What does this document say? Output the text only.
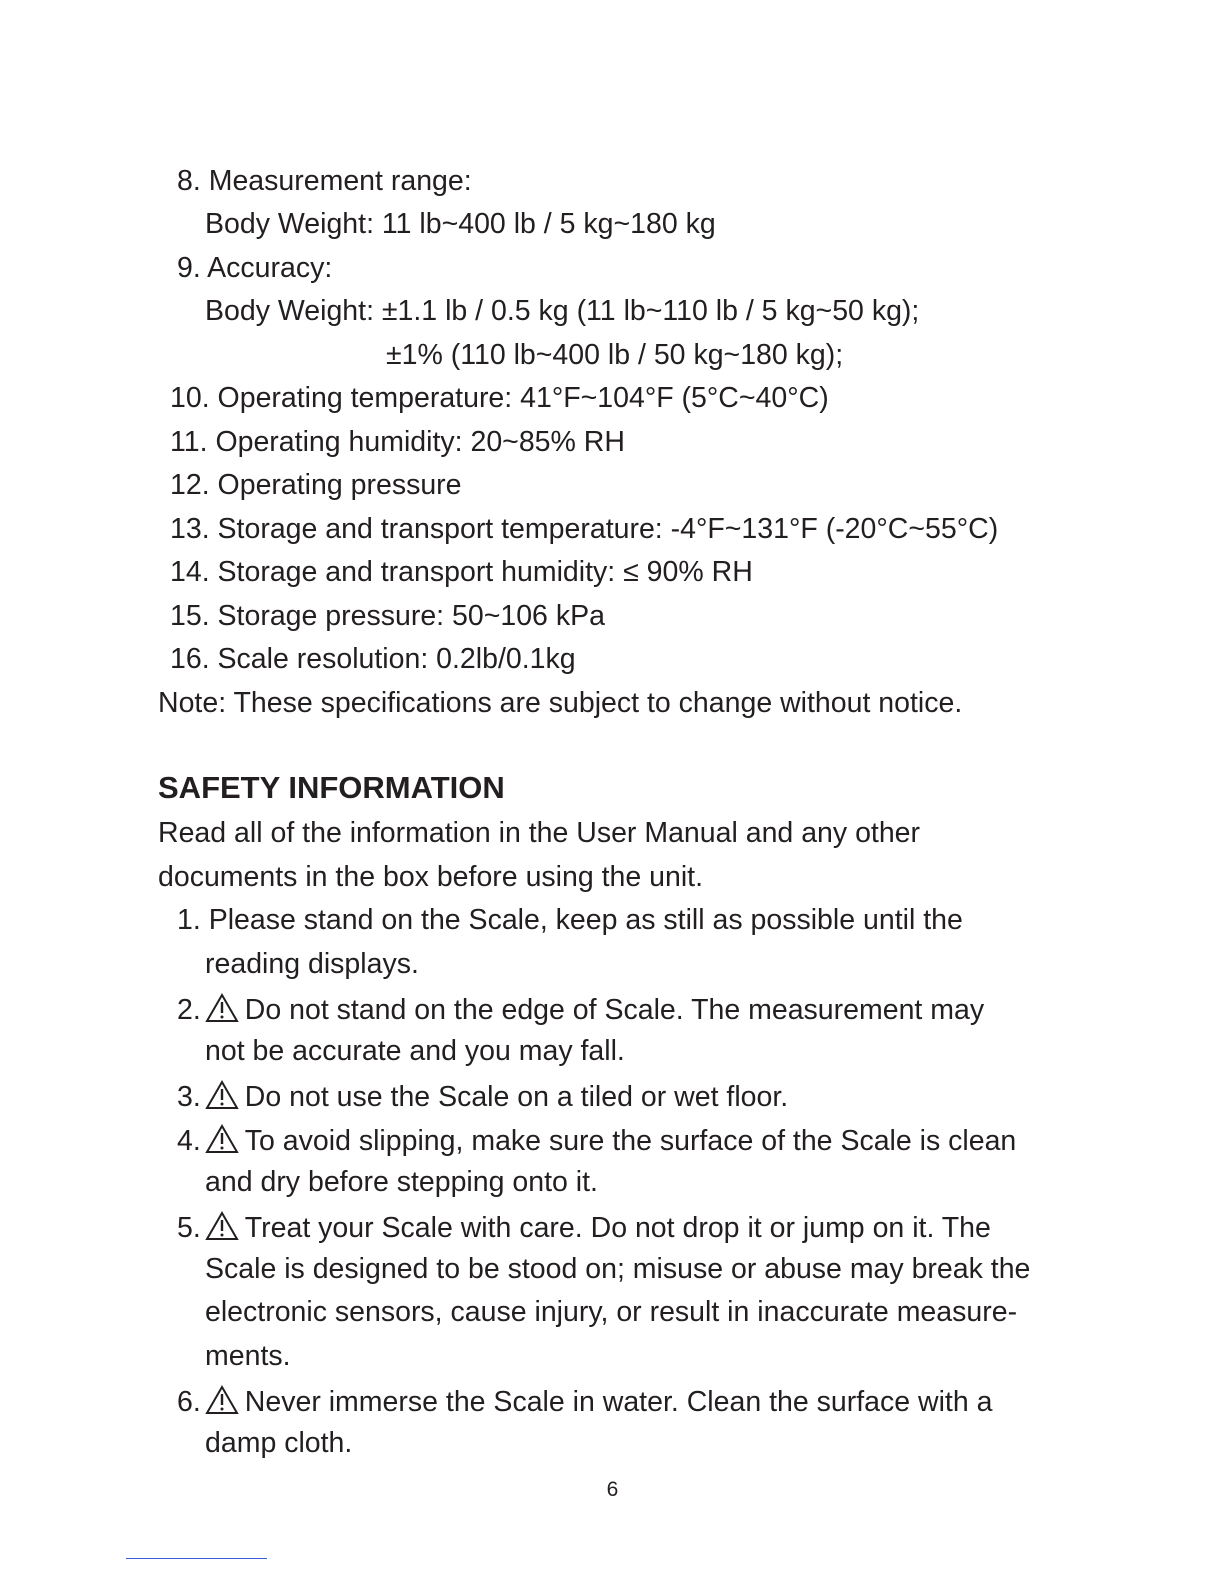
8. Measurement range:
Body Weight: 11 lb~400 lb / 5 kg~180 kg
9. Accuracy:
Body Weight: ±1.1 lb / 0.5 kg (11 lb~110 lb / 5 kg~50 kg);
±1% (110 lb~400 lb / 50 kg~180 kg);
10. Operating temperature: 41°F~104°F (5°C~40°C)
11. Operating humidity: 20~85% RH
12. Operating pressure
13. Storage and transport temperature: -4°F~131°F (-20°C~55°C)
14. Storage and transport humidity: ≤ 90% RH
15. Storage pressure: 50~106 kPa
16. Scale resolution: 0.2lb/0.1kg
Note: These specifications are subject to change without notice.
SAFETY INFORMATION
Read all of the information in the User Manual and any other
documents in the box before using the unit.
1. Please stand on the Scale, keep as still as possible until the
reading displays.
2. Do not stand on the edge of Scale. The measurement may
not be accurate and you may fall.
3. Do not use the Scale on a tiled or wet floor.
4. To avoid slipping, make sure the surface of the Scale is clean
and dry before stepping onto it.
5. Treat your Scale with care. Do not drop it or jump on it. The
Scale is designed to be stood on; misuse or abuse may break the
electronic sensors, cause injury, or result in inaccurate measure-
ments.
6. Never immerse the Scale in water. Clean the surface with a
damp cloth.
6
